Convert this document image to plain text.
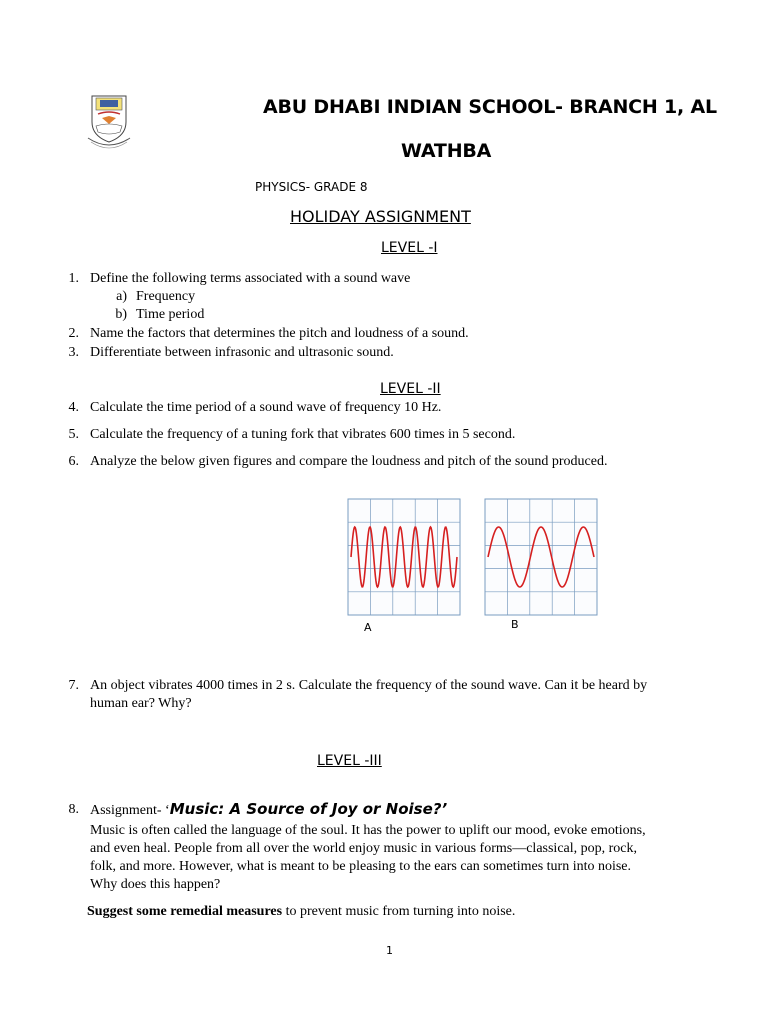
ABU DHABI INDIAN SCHOOL- BRANCH 1, AL
WATHBA
PHYSICS- GRADE 8
HOLIDAY ASSIGNMENT
LEVEL -I
1. Define the following terms associated with a sound wave
a) Frequency
b) Time period
2. Name the factors that determines the pitch and loudness of a sound.
3. Differentiate between infrasonic and ultrasonic sound.
LEVEL -II
4. Calculate the time period of a sound wave of frequency 10 Hz.
5. Calculate the frequency of a tuning fork that vibrates 600 times in 5 second.
6. Analyze the below given figures and compare the loudness and pitch of the sound produced.
A	B
7. An object vibrates 4000 times in 2 s. Calculate the frequency of the sound wave. Can it be heard by
human ear? Why?
LEVEL -III
8. Assignment- ‘Music: A Source of Joy or Noise?’
Music is often called the language of the soul. It has the power to uplift our mood, evoke emotions,
and even heal. People from all over the world enjoy music in various forms—classical, pop, rock,
folk, and more. However, what is meant to be pleasing to the ears can sometimes turn into noise.
Why does this happen?
Suggest some remedial measures to prevent music from turning into noise.
1
